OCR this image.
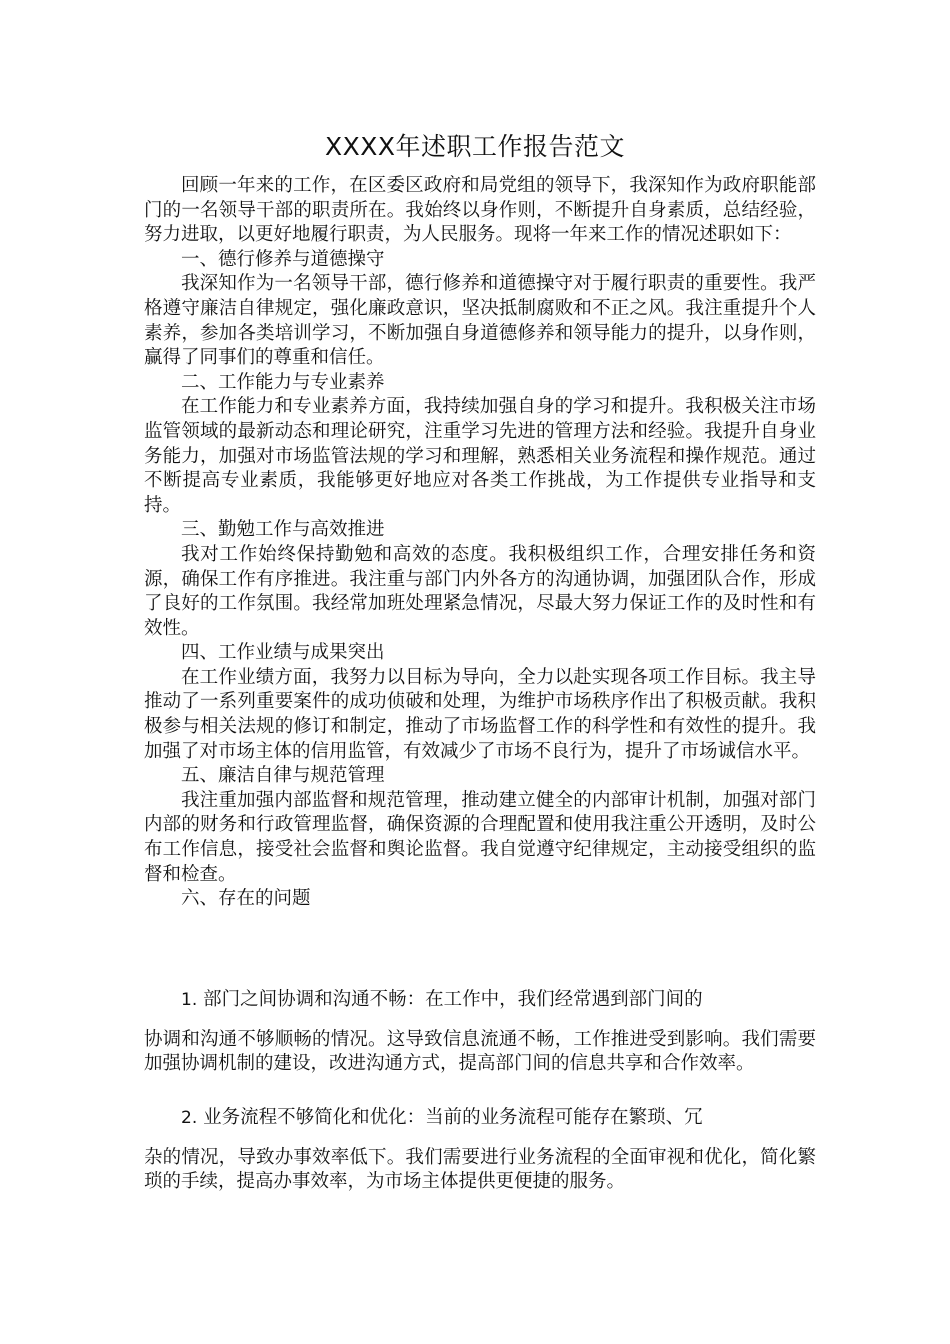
XXXX年述职工作报告范文

回顾一年来的工作，在区委区政府和局党组的领导下，我深知作为政府职能部门的一名领导干部的职责所在。我始终以身作则，不断提升自身素质，总结经验，努力进取，以更好地履行职责，为人民服务。现将一年来工作的情况述职如下：

一、德行修养与道德操守

我深知作为一名领导干部，德行修养和道德操守对于履行职责的重要性。我严格遵守廉洁自律规定，强化廉政意识，坚决抵制腐败和不正之风。我注重提升个人素养，参加各类培训学习，不断加强自身道德修养和领导能力的提升，以身作则，赢得了同事们的尊重和信任。

二、工作能力与专业素养

在工作能力和专业素养方面，我持续加强自身的学习和提升。我积极关注市场监管领域的最新动态和理论研究，注重学习先进的管理方法和经验。我提升自身业务能力，加强对市场监管法规的学习和理解，熟悉相关业务流程和操作规范。通过不断提高专业素质，我能够更好地应对各类工作挑战，为工作提供专业指导和支持。

三、勤勉工作与高效推进

我对工作始终保持勤勉和高效的态度。我积极组织工作，合理安排任务和资源，确保工作有序推进。我注重与部门内外各方的沟通协调，加强团队合作，形成了良好的工作氛围。我经常加班处理紧急情况，尽最大努力保证工作的及时性和有效性。

四、工作业绩与成果突出

在工作业绩方面，我努力以目标为导向，全力以赴实现各项工作目标。我主导推动了一系列重要案件的成功侦破和处理，为维护市场秩序作出了积极贡献。我积极参与相关法规的修订和制定，推动了市场监督工作的科学性和有效性的提升。我加强了对市场主体的信用监管，有效减少了市场不良行为，提升了市场诚信水平。

五、廉洁自律与规范管理

我注重加强内部监督和规范管理，推动建立健全的内部审计机制，加强对部门内部的财务和行政管理监督，确保资源的合理配置和使用我注重公开透明，及时公布工作信息，接受社会监督和舆论监督。我自觉遵守纪律规定，主动接受组织的监督和检查。

六、存在的问题

1. 部门之间协调和沟通不畅：在工作中，我们经常遇到部门间的

协调和沟通不够顺畅的情况。这导致信息流通不畅，工作推进受到影响。我们需要加强协调机制的建设，改进沟通方式，提高部门间的信息共享和合作效率。

2. 业务流程不够简化和优化：当前的业务流程可能存在繁琐、冗

杂的情况，导致办事效率低下。我们需要进行业务流程的全面审视和优化，简化繁琐的手续，提高办事效率，为市场主体提供更便捷的服务。
